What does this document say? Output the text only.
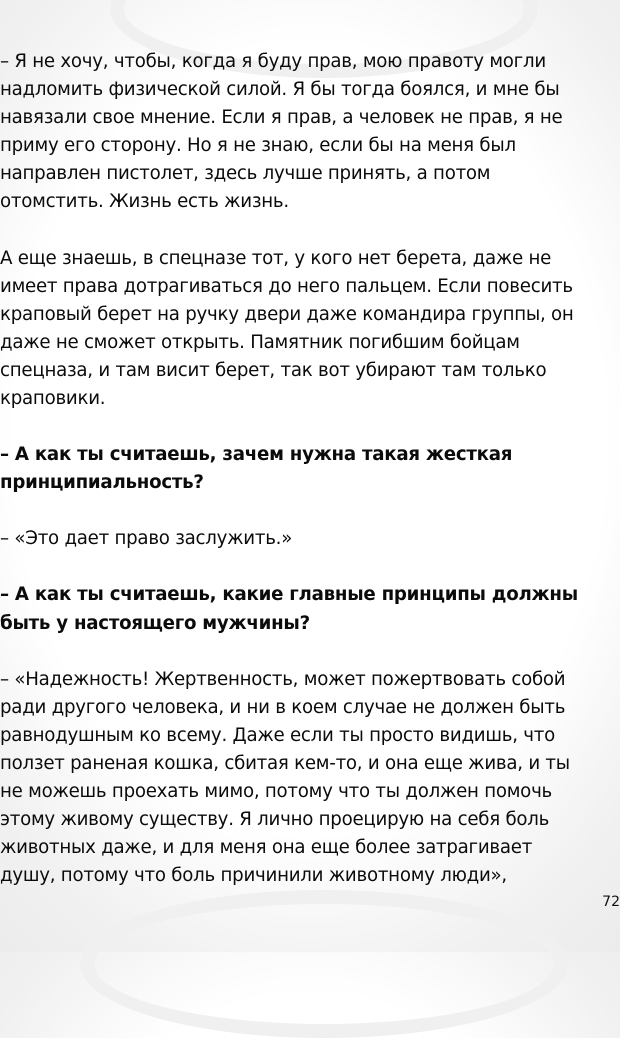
– Я не хочу, чтобы, когда я буду прав, мою правоту могли
надломить физической силой. Я бы тогда боялся, и мне бы
навязали свое мнение. Если я прав, а человек не прав, я не
приму его сторону. Но я не знаю, если бы на меня был
направлен пистолет, здесь лучше принять, а потом
отомстить. Жизнь есть жизнь.

А еще знаешь, в спецназе тот, у кого нет берета, даже не
имеет права дотрагиваться до него пальцем. Если повесить
краповый берет на ручку двери даже командира группы, он
даже не сможет открыть. Памятник погибшим бойцам
спецназа, и там висит берет, так вот убирают там только
краповики.

– А как ты считаешь, зачем нужна такая жесткая
принципиальность?

– «Это дает право заслужить.»

– А как ты считаешь, какие главные принципы должны
быть у настоящего мужчины?

– «Надежность! Жертвенность, может пожертвовать собой
ради другого человека, и ни в коем случае не должен быть
равнодушным ко всему. Даже если ты просто видишь, что
ползет раненая кошка, сбитая кем-то, и она еще жива, и ты
не можешь проехать мимо, потому что ты должен помочь
этому живому существу. Я лично проецирую на себя боль
животных даже, и для меня она еще более затрагивает
душу, потому что боль причинили животному люди»,

72
